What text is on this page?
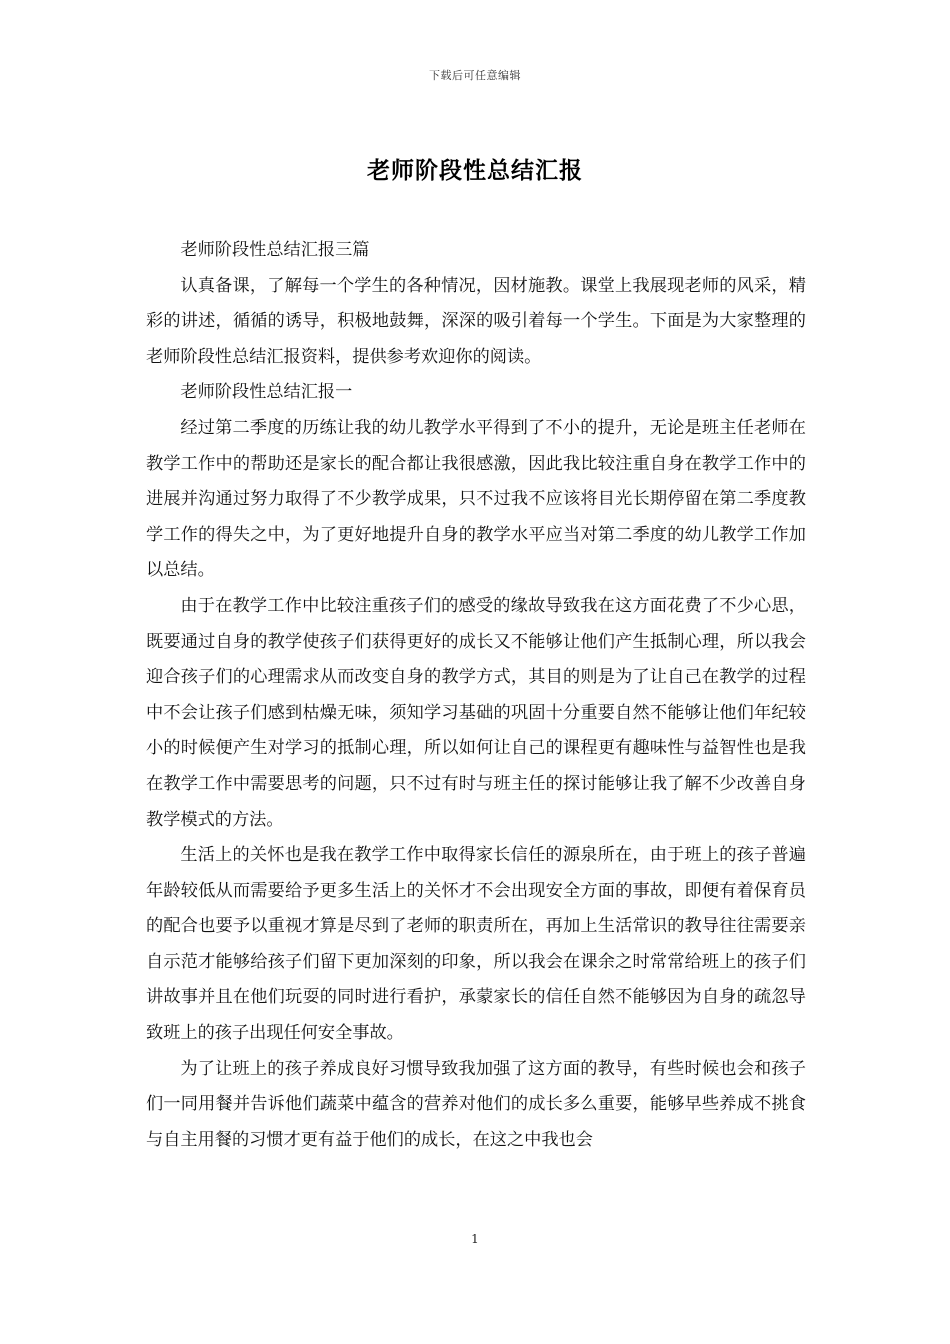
下载后可任意编辑
老师阶段性总结汇报

老师阶段性总结汇报三篇

认真备课，了解每一个学生的各种情况，因材施教。课堂上我展现老师的风采，精彩的讲述，循循的诱导，积极地鼓舞，深深的吸引着每一个学生。下面是为大家整理的老师阶段性总结汇报资料，提供参考欢迎你的阅读。

老师阶段性总结汇报一

经过第二季度的历练让我的幼儿教学水平得到了不小的提升，无论是班主任老师在教学工作中的帮助还是家长的配合都让我很感激，因此我比较注重自身在教学工作中的进展并沟通过努力取得了不少教学成果，只不过我不应该将目光长期停留在第二季度教学工作的得失之中，为了更好地提升自身的教学水平应当对第二季度的幼儿教学工作加以总结。

由于在教学工作中比较注重孩子们的感受的缘故导致我在这方面花费了不少心思，既要通过自身的教学使孩子们获得更好的成长又不能够让他们产生抵制心理，所以我会迎合孩子们的心理需求从而改变自身的教学方式，其目的则是为了让自己在教学的过程中不会让孩子们感到枯燥无味，须知学习基础的巩固十分重要自然不能够让他们年纪较小的时候便产生对学习的抵制心理，所以如何让自己的课程更有趣味性与益智性也是我在教学工作中需要思考的问题，只不过有时与班主任的探讨能够让我了解不少改善自身教学模式的方法。

生活上的关怀也是我在教学工作中取得家长信任的源泉所在，由于班上的孩子普遍年龄较低从而需要给予更多生活上的关怀才不会出现安全方面的事故，即便有着保育员的配合也要予以重视才算是尽到了老师的职责所在，再加上生活常识的教导往往需要亲自示范才能够给孩子们留下更加深刻的印象，所以我会在课余之时常常给班上的孩子们讲故事并且在他们玩耍的同时进行看护，承蒙家长的信任自然不能够因为自身的疏忽导致班上的孩子出现任何安全事故。

为了让班上的孩子养成良好习惯导致我加强了这方面的教导，有些时候也会和孩子们一同用餐并告诉他们蔬菜中蕴含的营养对他们的成长多么重要，能够早些养成不挑食与自主用餐的习惯才更有益于他们的成长，在这之中我也会

1
